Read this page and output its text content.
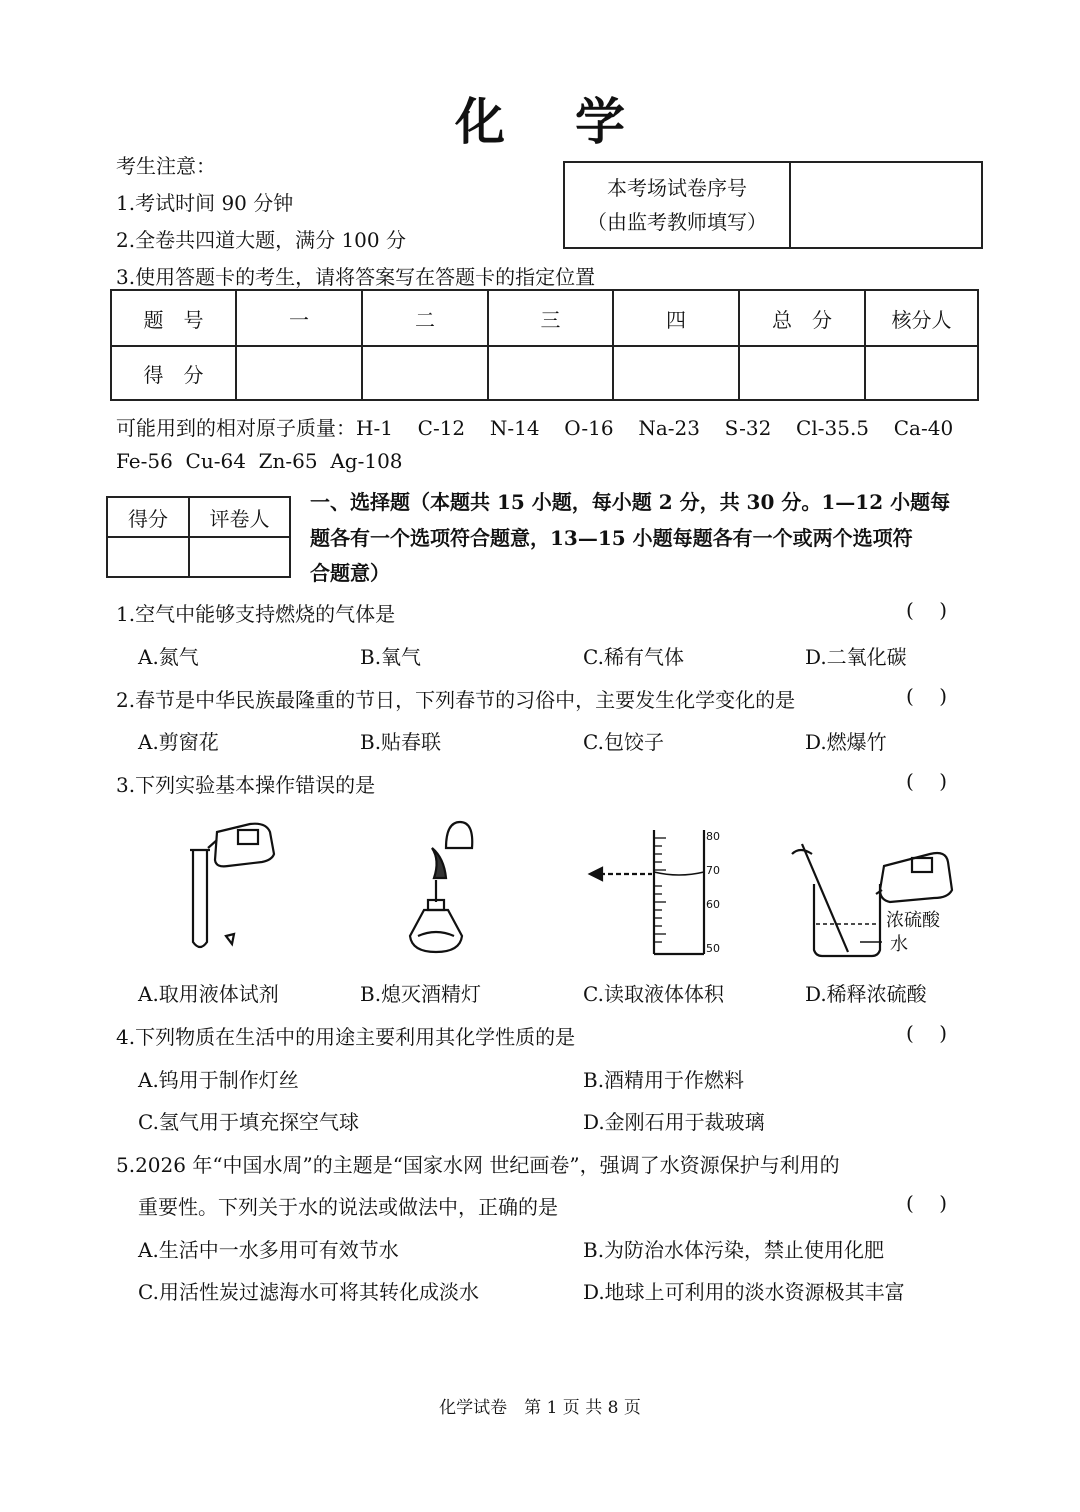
化 学
考生注意：
1.考试时间 90 分钟
2.全卷共四道大题，满分 100 分
3.使用答题卡的考生，请将答案写在答题卡的指定位置
本考场试卷序号
（由监考教师填写）

题　号	一	二	三	四	总　分	核分人
得　分						
可能用到的相对原子质量：H-1  C-12  N-14  O-16  Na-23  S-32  Cl-35.5  Ca-40
Fe-56  Cu-64  Zn-65  Ag-108
得分	评卷人

一、选择题（本题共 15 小题，每小题 2 分，共 30 分。1—12 小题每
题各有一个选项符合题意，13—15 小题每题各有一个或两个选项符
合题意）
1.空气中能够支持燃烧的气体是	(    )
A.氮气	B.氧气	C.稀有气体	D.二氧化碳
2.春节是中华民族最隆重的节日，下列春节的习俗中，主要发生化学变化的是	(    )
A.剪窗花	B.贴春联	C.包饺子	D.燃爆竹
3.下列实验基本操作错误的是	(    )
80
70
60
50
浓硫酸
水
A.取用液体试剂	B.熄灭酒精灯	C.读取液体体积	D.稀释浓硫酸
4.下列物质在生活中的用途主要利用其化学性质的是	(    )
A.钨用于制作灯丝	B.酒精用于作燃料
C.氢气用于填充探空气球	D.金刚石用于裁玻璃
5.2026 年“中国水周”的主题是“国家水网 世纪画卷”，强调了水资源保护与利用的
重要性。下列关于水的说法或做法中，正确的是	(    )
A.生活中一水多用可有效节水	B.为防治水体污染，禁止使用化肥
C.用活性炭过滤海水可将其转化成淡水	D.地球上可利用的淡水资源极其丰富
化学试卷　第 1 页 共 8 页
